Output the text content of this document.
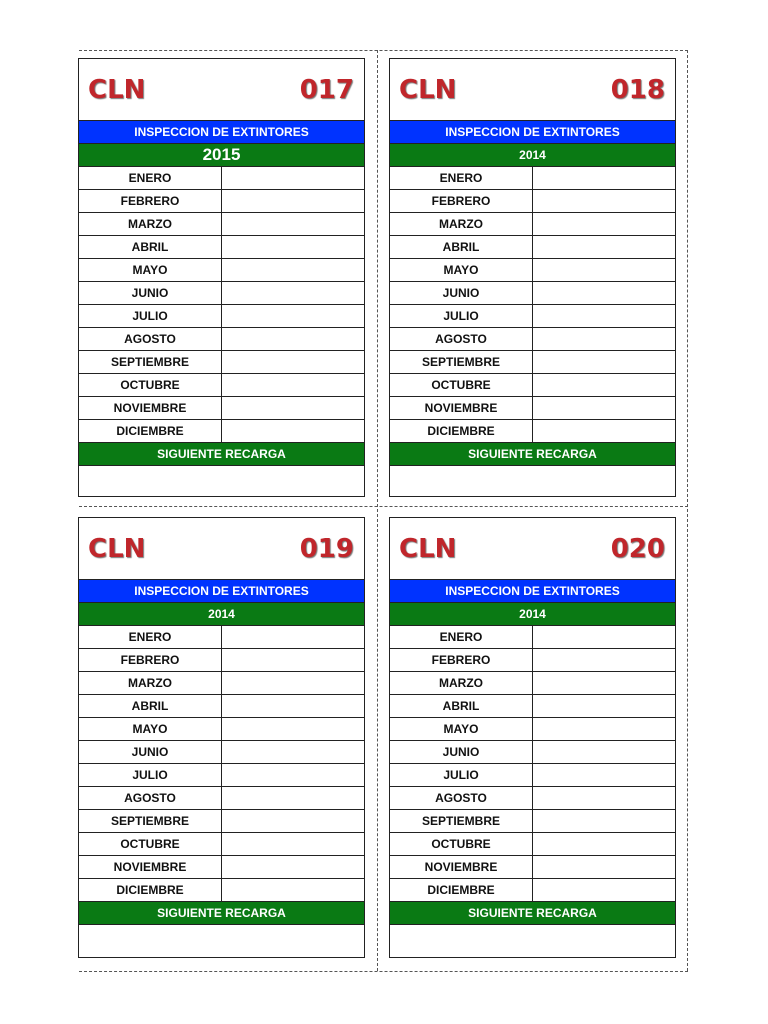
CLN	017
INSPECCION DE EXTINTORES
2015
ENERO	
FEBRERO	
MARZO	
ABRIL	
MAYO	
JUNIO	
JULIO	
AGOSTO	
SEPTIEMBRE	
OCTUBRE	
NOVIEMBRE	
DICIEMBRE	
SIGUIENTE RECARGA
CLN	018
INSPECCION DE EXTINTORES
2014
ENERO	
FEBRERO	
MARZO	
ABRIL	
MAYO	
JUNIO	
JULIO	
AGOSTO	
SEPTIEMBRE	
OCTUBRE	
NOVIEMBRE	
DICIEMBRE	
SIGUIENTE RECARGA
CLN	019
INSPECCION DE EXTINTORES
2014
ENERO	
FEBRERO	
MARZO	
ABRIL	
MAYO	
JUNIO	
JULIO	
AGOSTO	
SEPTIEMBRE	
OCTUBRE	
NOVIEMBRE	
DICIEMBRE	
SIGUIENTE RECARGA
CLN	020
INSPECCION DE EXTINTORES
2014
ENERO	
FEBRERO	
MARZO	
ABRIL	
MAYO	
JUNIO	
JULIO	
AGOSTO	
SEPTIEMBRE	
OCTUBRE	
NOVIEMBRE	
DICIEMBRE	
SIGUIENTE RECARGA
